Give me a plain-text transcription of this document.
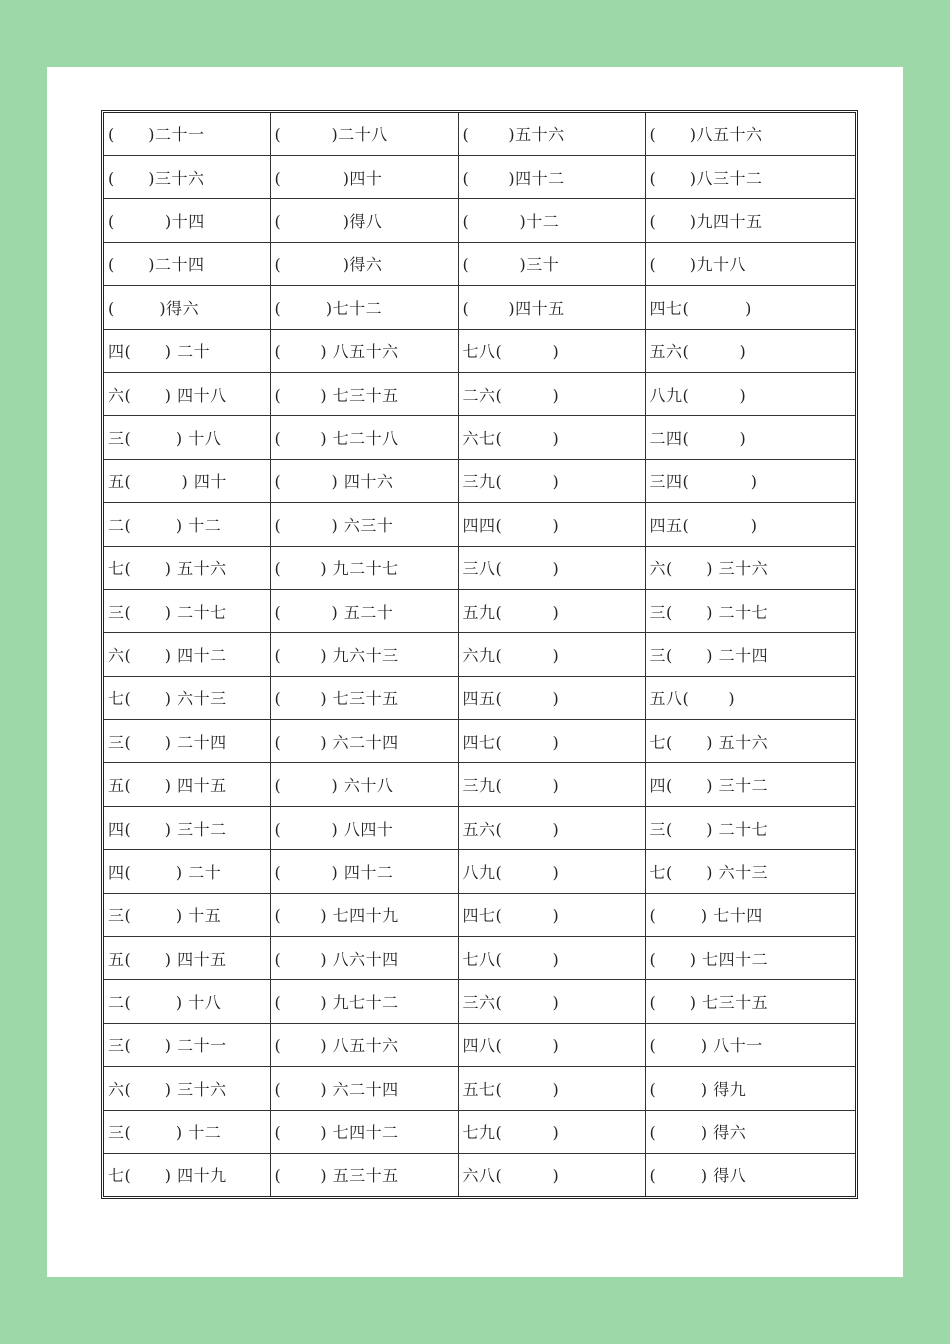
(      )二十一	(         )二十八	(       )五十六	(      )八五十六
(      )三十六	(           )四十	(       )四十二	(      )八三十二
(         )十四	(           )得八	(         )十二	(      )九四十五
(      )二十四	(           )得六	(         )三十	(      )九十八
(        )得六	(        )七十二	(       )四十五	四七(          )
四(      ) 二十	(       ) 八五十六	七八(         )	五六(         )
六(      ) 四十八	(       ) 七三十五	二六(         )	八九(         )
三(        ) 十八	(       ) 七二十八	六七(         )	二四(         )
五(         ) 四十	(         ) 四十六	三九(         )	三四(           )
二(        ) 十二	(         ) 六三十	四四(         )	四五(           )
七(      ) 五十六	(       ) 九二十七	三八(         )	六(      ) 三十六
三(      ) 二十七	(         ) 五二十	五九(         )	三(      ) 二十七
六(      ) 四十二	(       ) 九六十三	六九(         )	三(      ) 二十四
七(      ) 六十三	(       ) 七三十五	四五(         )	五八(       )
三(      ) 二十四	(       ) 六二十四	四七(         )	七(      ) 五十六
五(      ) 四十五	(         ) 六十八	三九(         )	四(      ) 三十二
四(      ) 三十二	(         ) 八四十	五六(         )	三(      ) 二十七
四(        ) 二十	(         ) 四十二	八九(         )	七(      ) 六十三
三(        ) 十五	(       ) 七四十九	四七(         )	(        ) 七十四
五(      ) 四十五	(       ) 八六十四	七八(         )	(      ) 七四十二
二(        ) 十八	(       ) 九七十二	三六(         )	(      ) 七三十五
三(      ) 二十一	(       ) 八五十六	四八(         )	(        ) 八十一
六(      ) 三十六	(       ) 六二十四	五七(         )	(        ) 得九
三(        ) 十二	(       ) 七四十二	七九(         )	(        ) 得六
七(      ) 四十九	(       ) 五三十五	六八(         )	(        ) 得八
